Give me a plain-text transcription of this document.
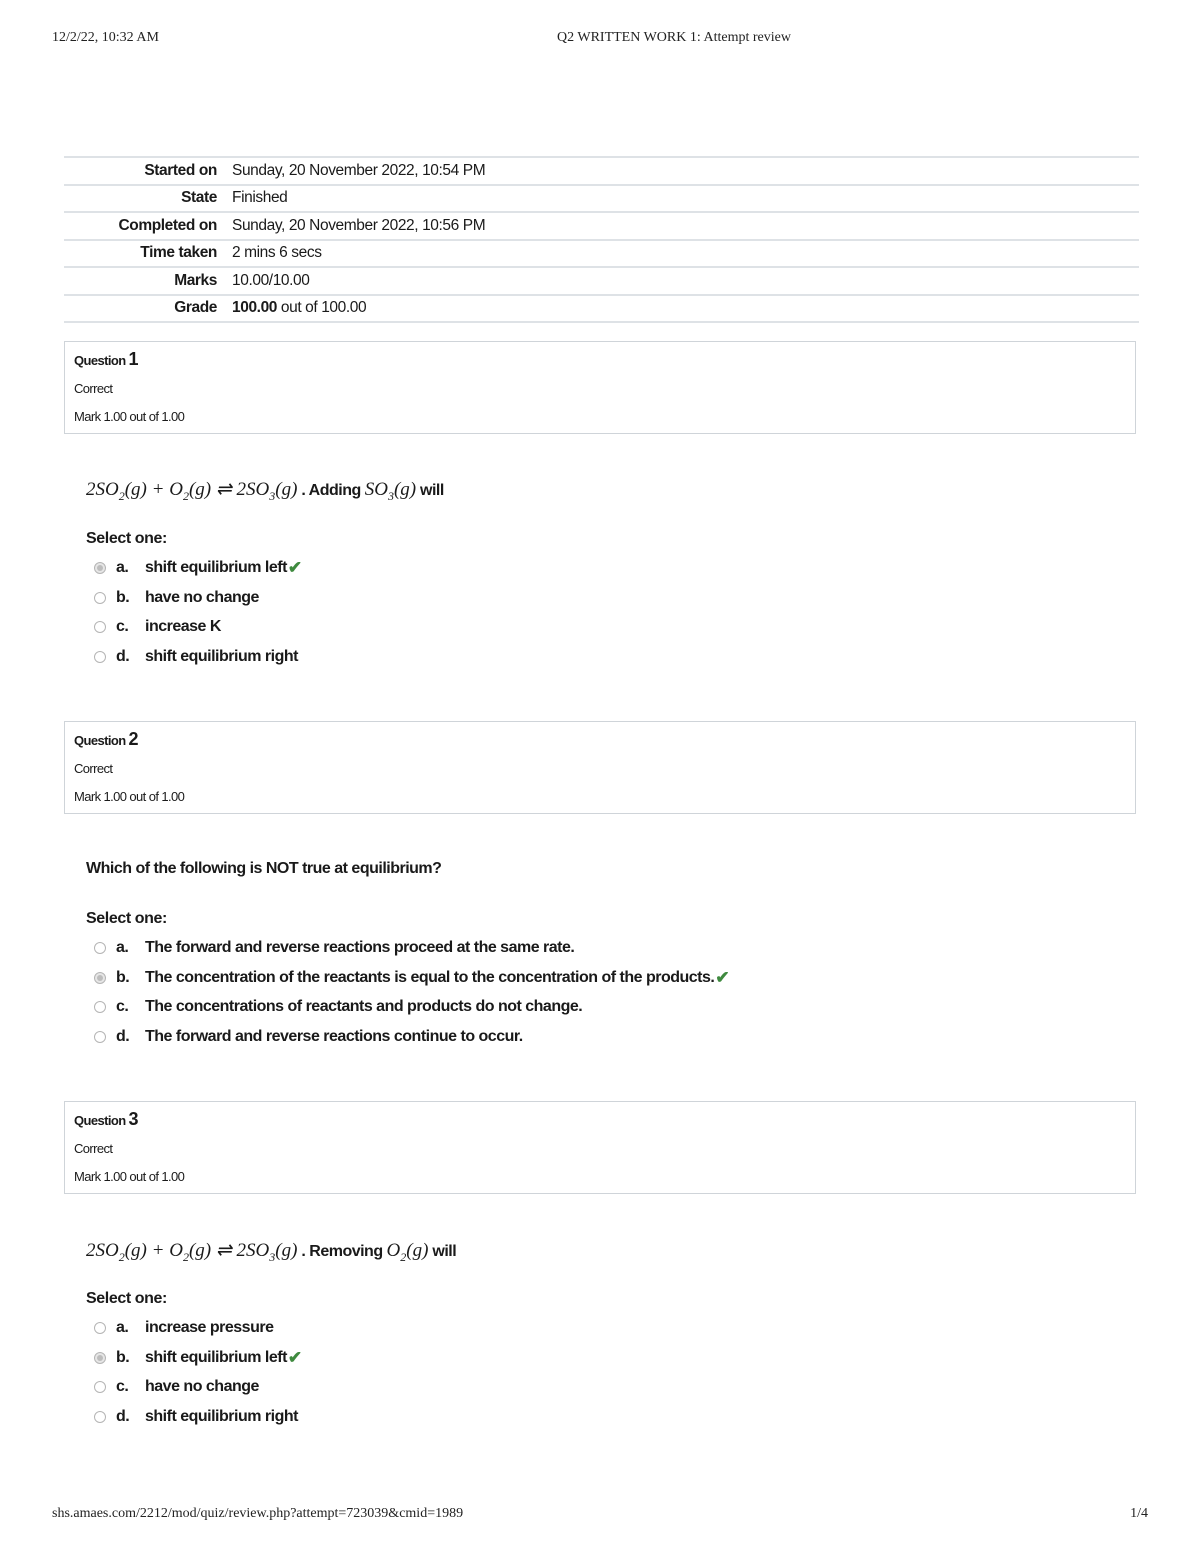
12/2/22, 10:32 AM	Q2 WRITTEN WORK 1: Attempt review
Started on	Sunday, 20 November 2022, 10:54 PM
State	Finished
Completed on	Sunday, 20 November 2022, 10:56 PM
Time taken	2 mins 6 secs
Marks	10.00/10.00
Grade	100.00 out of 100.00
Question 1
Correct
Mark 1.00 out of 1.00
$2SO_2(g) + O_2(g)$ ⇌ $2SO_3(g)$ . Adding $SO_3(g)$ will
Select one:
a.	shift equilibrium left ✔
b. have no change
c.	increase K
d. shift equilibrium right
Question 2
Correct
Mark 1.00 out of 1.00
Which of the following is NOT true at equilibrium?
Select one:
a.	The forward and reverse reactions proceed at the same rate.
b. The concentration of the reactants is equal to the concentration of the products. ✔
c.	The concentrations of reactants and products do not change.
d. The forward and reverse reactions continue to occur.
Question 3
Correct
Mark 1.00 out of 1.00
$2SO_2(g) + O_2(g)$ ⇌ $2SO_3(g)$ . Removing $O_2(g)$ will
Select one:
a.	increase pressure
b. shift equilibrium left ✔
c.	have no change
d. shift equilibrium right
shs.amaes.com/2212/mod/quiz/review.php?attempt=723039&cmid=1989	1/4
